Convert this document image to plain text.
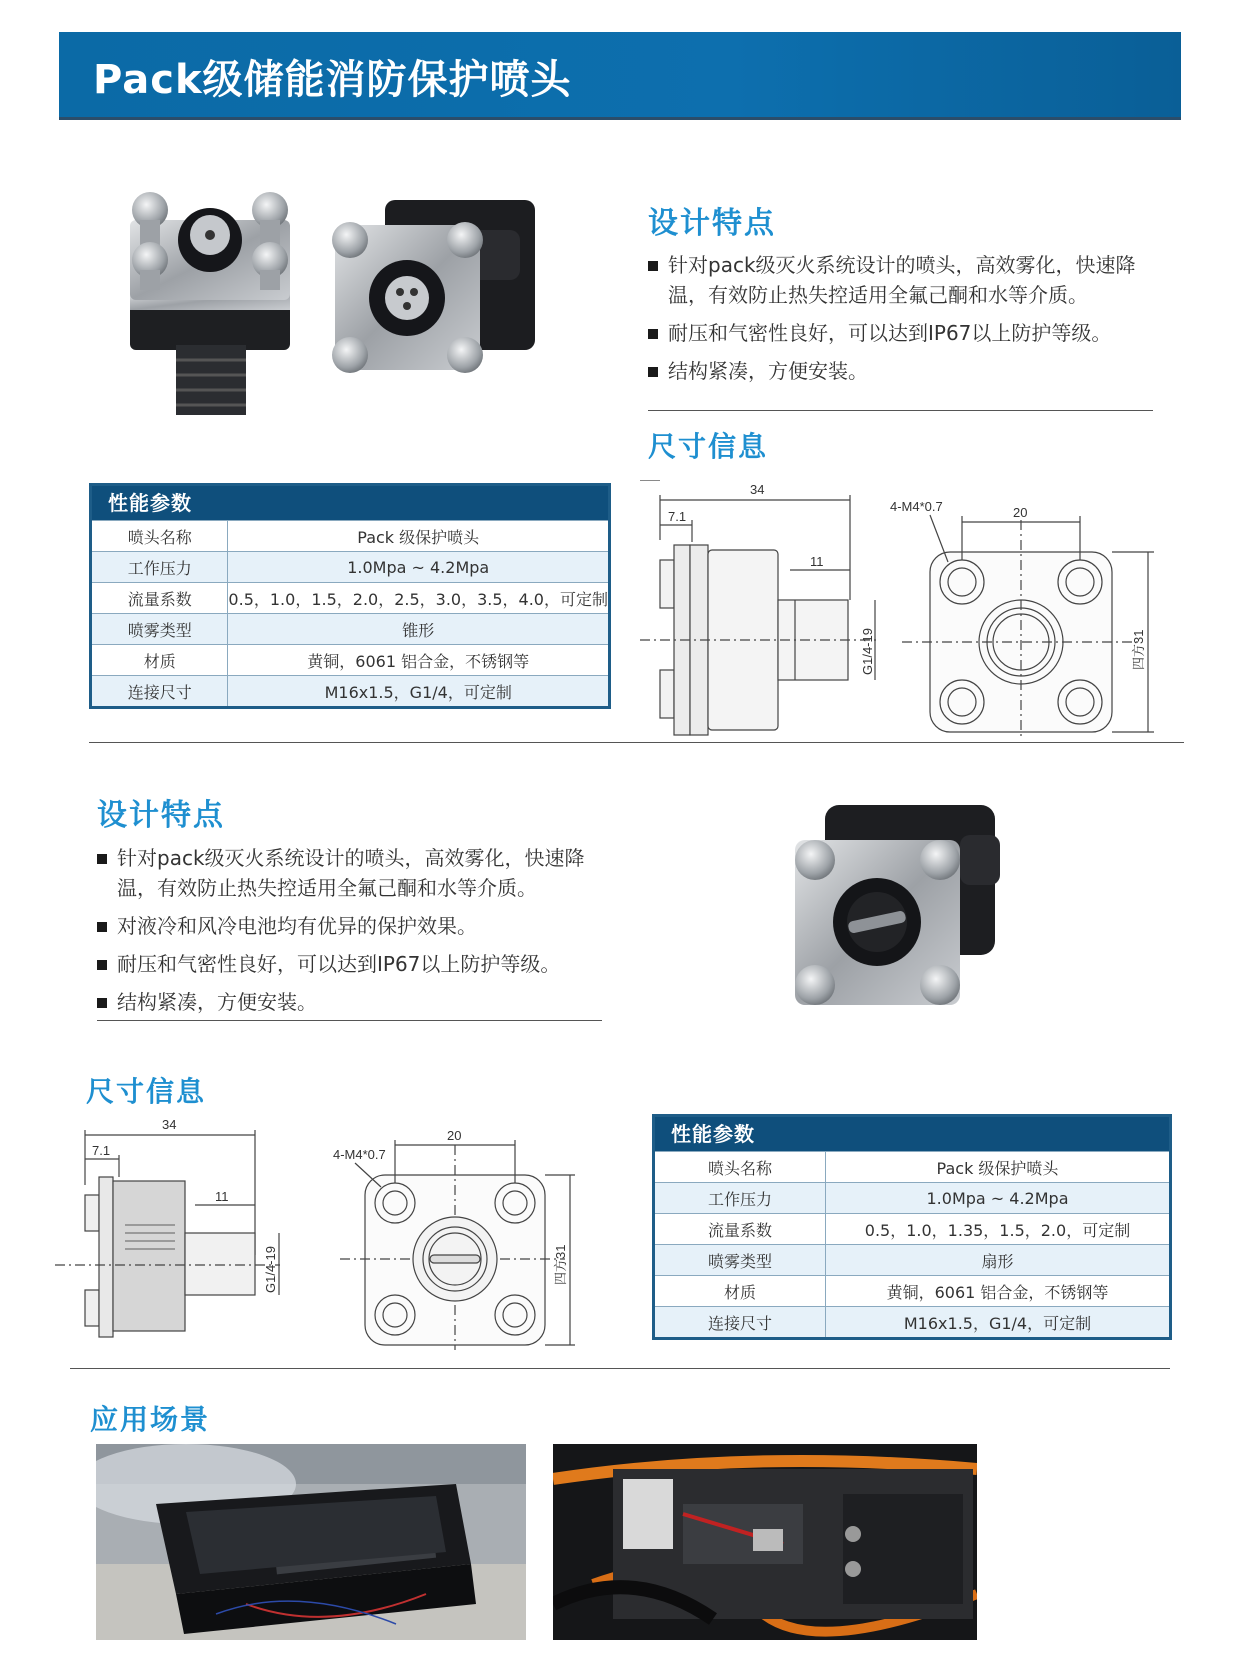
Pack级储能消防保护喷头
设计特点
针对pack级灭火系统设计的喷头，高效雾化，快速降温，有效防止热失控适用全氟己酮和水等介质。
耐压和气密性良好，可以达到IP67以上防护等级。
结构紧凑，方便安装。
尺寸信息
性能参数
喷头名称	Pack 级保护喷头
工作压力	1.0Mpa ~ 4.2Mpa
流量系数	0.5，1.0，1.5，2.0，2.5，3.0，3.5，4.0，可定制
喷雾类型	锥形
材质	黄铜，6061 铝合金，不锈钢等
连接尺寸	M16x1.5，G1/4，可定制
34
7.1
11
G1/4-19
4-M4*0.7	20
四方31
设计特点
针对pack级灭火系统设计的喷头，高效雾化，快速降温，有效防止热失控适用全氟己酮和水等介质。
对液冷和风冷电池均有优异的保护效果。
耐压和气密性良好，可以达到IP67以上防护等级。
结构紧凑，方便安装。
尺寸信息
34
7.1
11
G1/4-19
4-M4*0.7
20
四方31
性能参数
喷头名称	Pack 级保护喷头
工作压力	1.0Mpa ~ 4.2Mpa
流量系数	0.5，1.0，1.35，1.5，2.0，可定制
喷雾类型	扇形
材质	黄铜，6061 铝合金，不锈钢等
连接尺寸	M16x1.5，G1/4，可定制
应用场景
